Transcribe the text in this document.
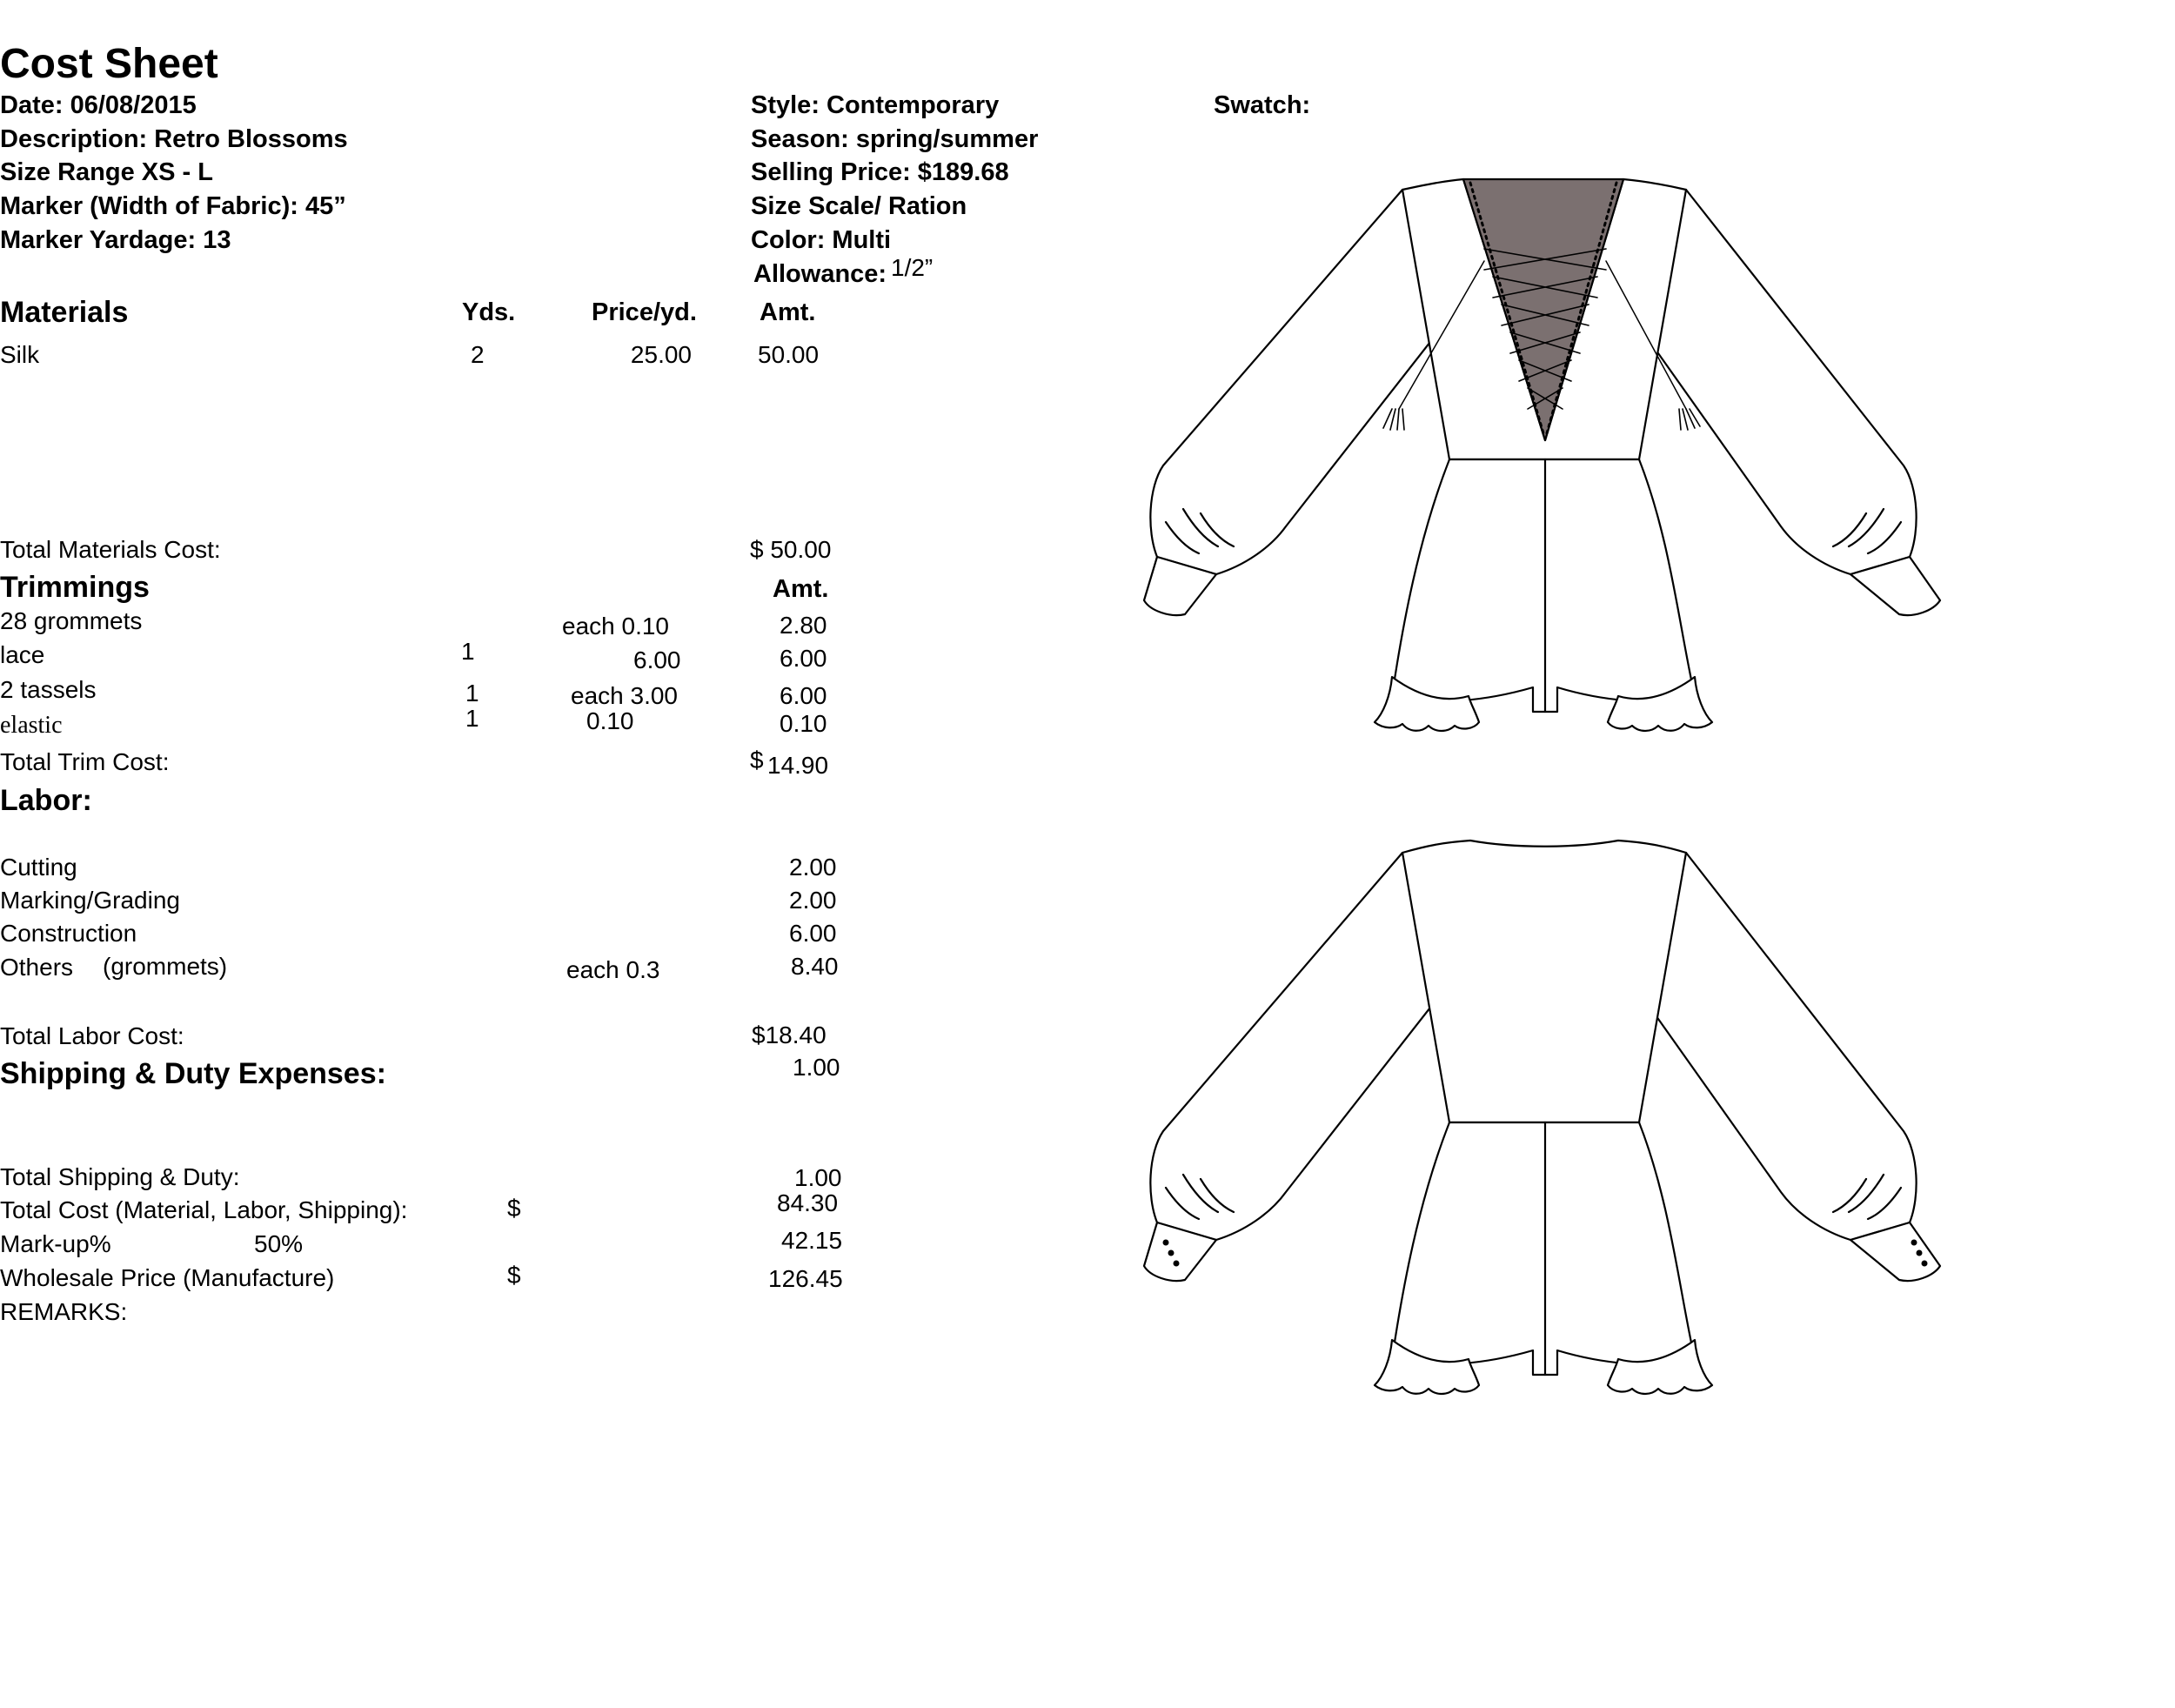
Cost Sheet
Date: 06/08/2015
Description: Retro Blossoms
Size Range XS - L
Marker (Width of Fabric): 45”
Marker Yardage: 13
Style: Contemporary
Season: spring/summer
Selling Price: $189.68
Size Scale/ Ration
Color: Multi
Allowance: 1/2”
Swatch:
Materials	Yds.	Price/yd. Amt.
Silk	2	25.00	50.00
Total Materials Cost:	$ 50.00
Trimmings	Amt.
28 grommets	each 0.10	2.80
lace	1	6.00	6.00
2 tassels	1	each 3.00	6.00
elastic	1	0.10	0.10
Total Trim Cost:	$ 14.90
Labor:
Cutting	2.00
Marking/Grading	2.00
Construction	6.00
Others (grommets)	each 0.3	8.40
Total Labor Cost:	$18.40
Shipping & Duty Expenses:	1.00
Total Shipping & Duty:	1.00
Total Cost (Material, Labor, Shipping):	$	84.30
Mark-up%	50%	42.15
Wholesale Price (Manufacture)	$	126.45
REMARKS:
